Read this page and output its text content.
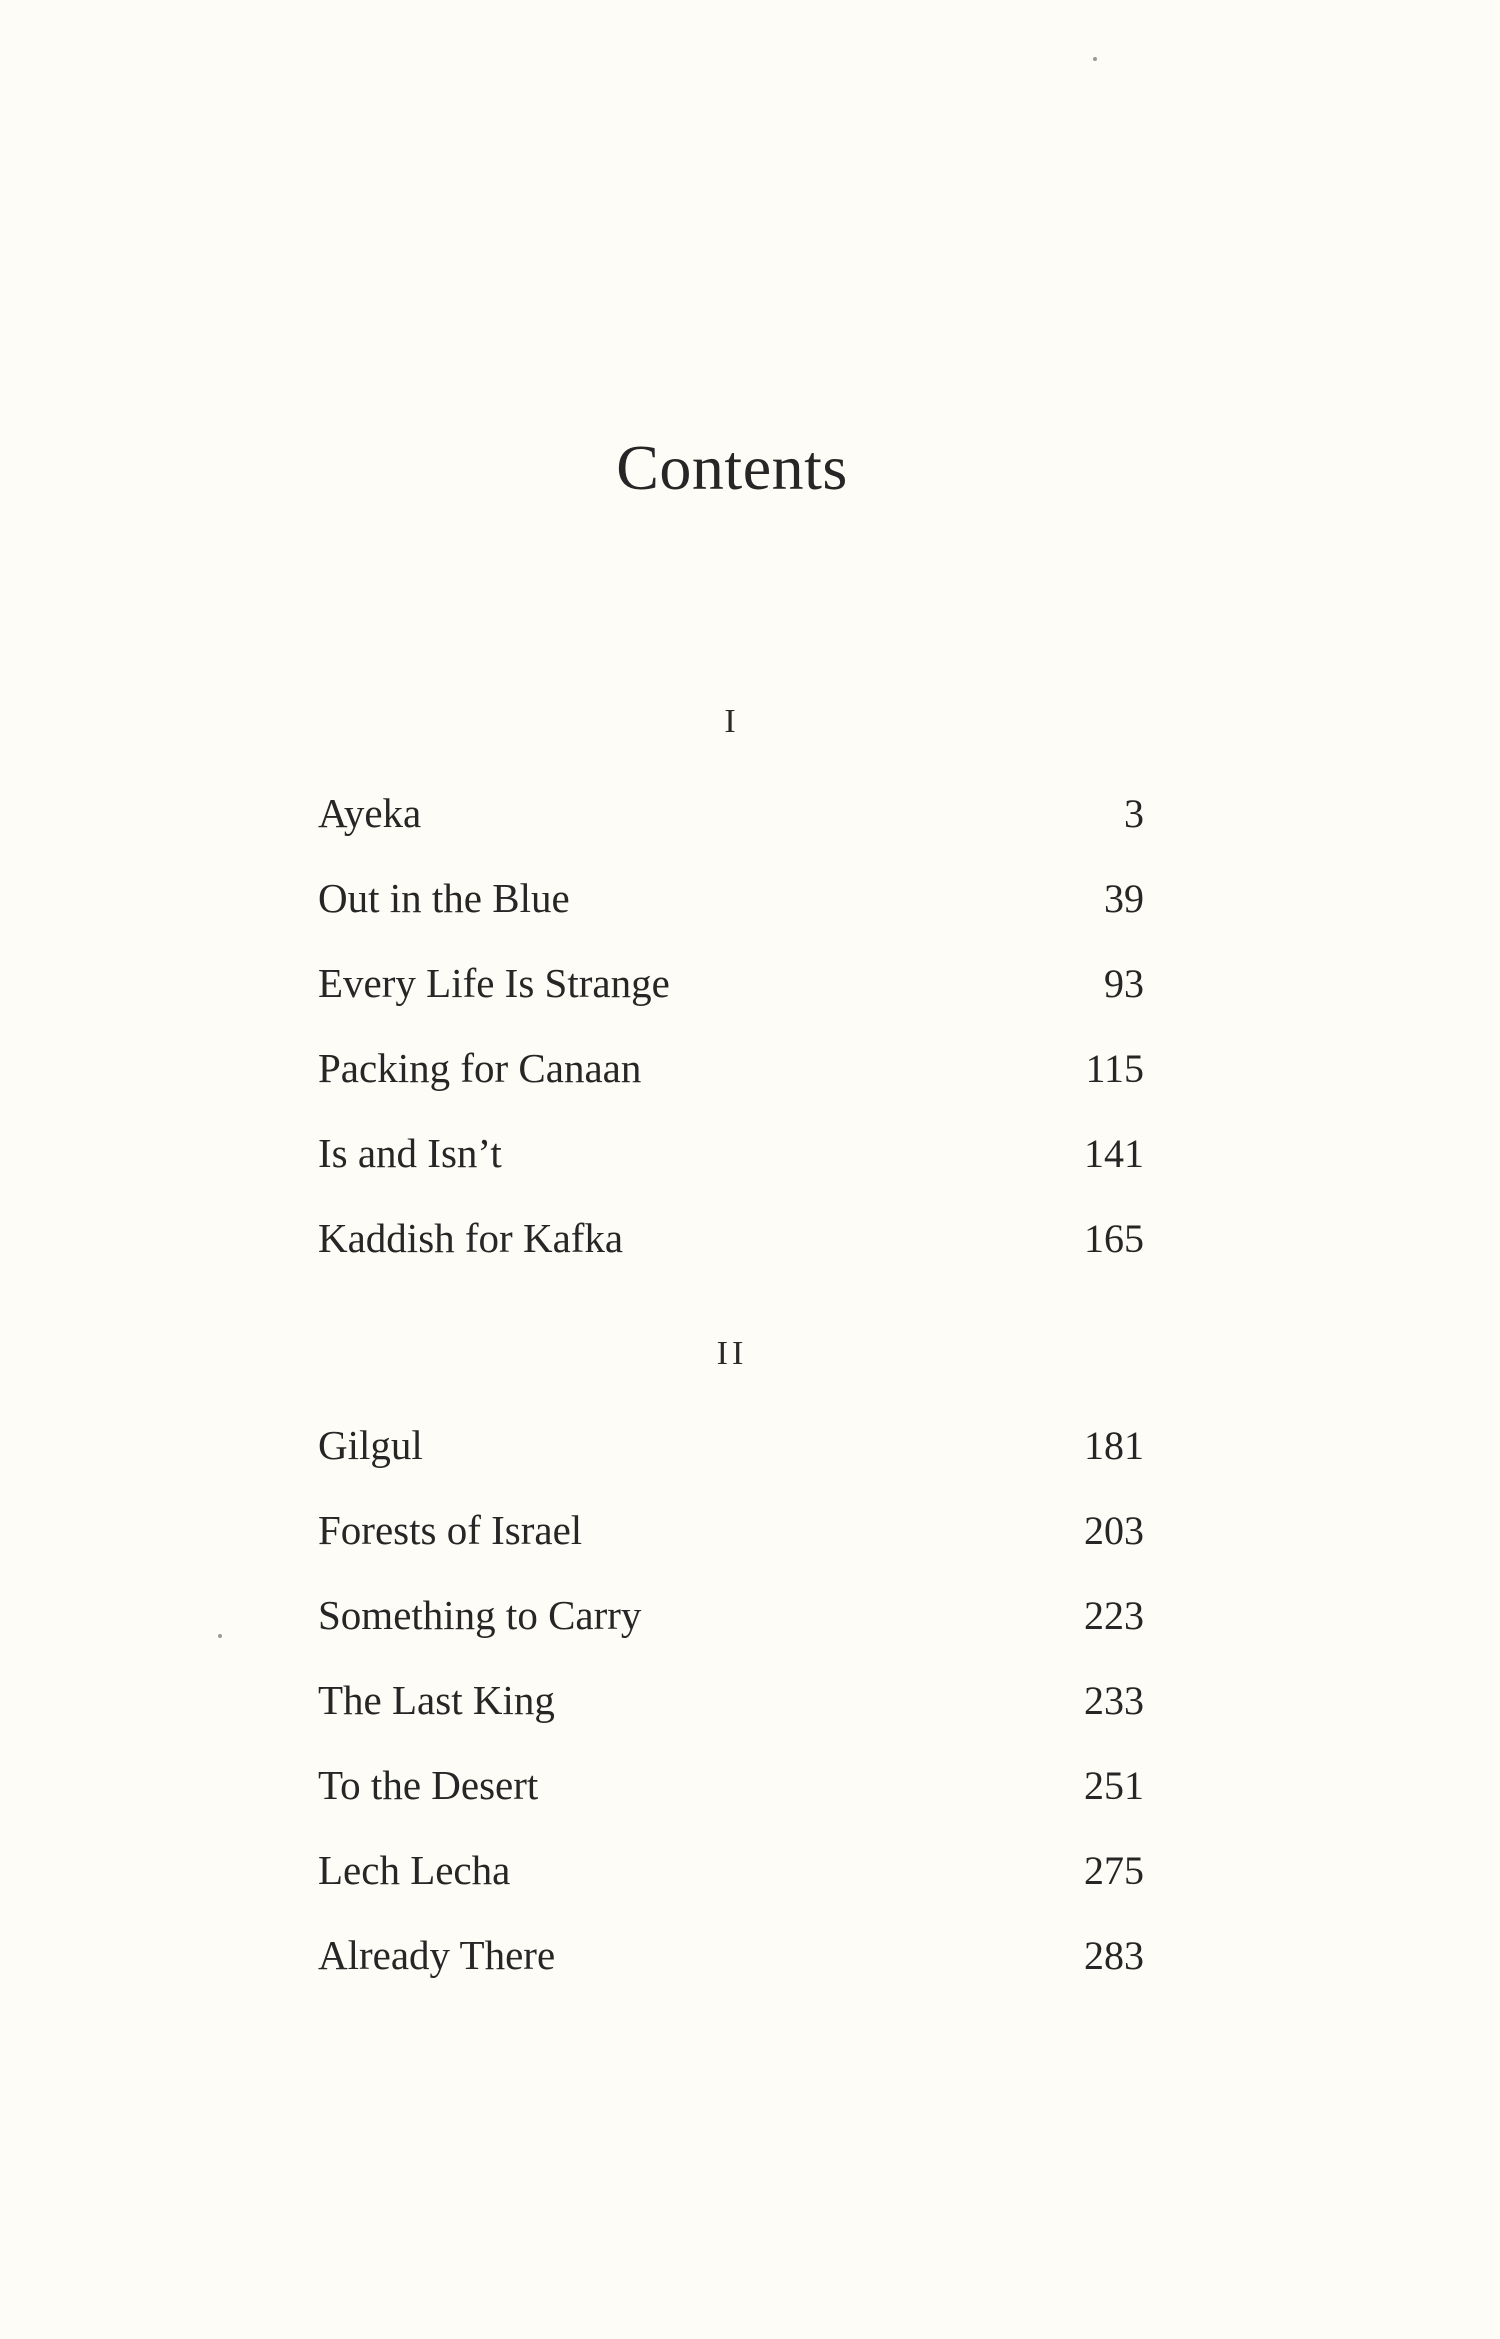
Contents
I
Ayeka	3
Out in the Blue	39
Every Life Is Strange	93
Packing for Canaan	115
Is and Isn’t	141
Kaddish for Kafka	165
II
Gilgul	181
Forests of Israel	203
Something to Carry	223
The Last King	233
To the Desert	251
Lech Lecha	275
Already There	283
